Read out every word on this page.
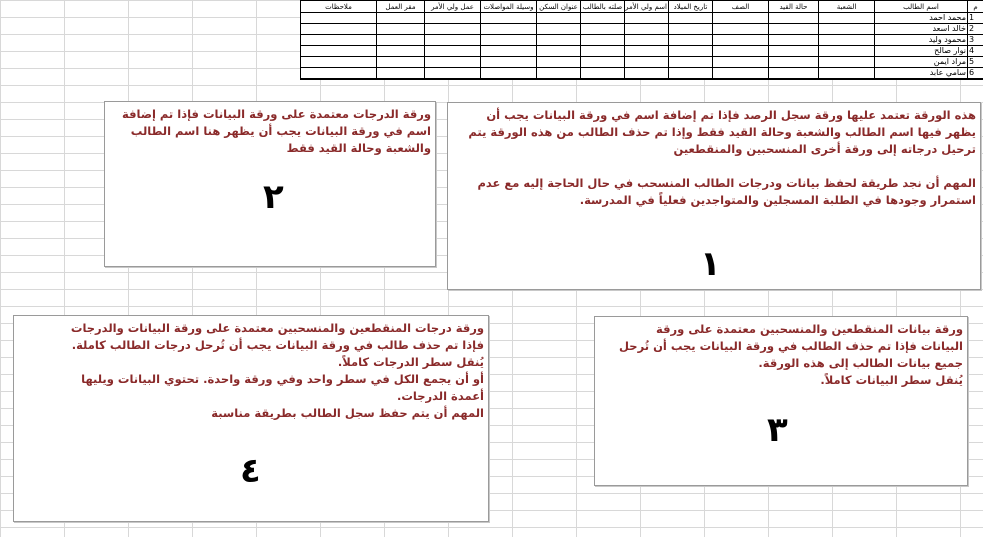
م	اسم الطالب	الشعبة	حالة القيد	الصف	تاريخ الميلاد	اسم ولي الأمر	صلته بالطالب	عنوان السكن	وسيلة المواصلات	عمل ولي الأمر	مقر العمل	ملاحظات
1	محمد احمد											
2	خالد اسعد											
3	محمود وليد											
4	نوار صالح											
5	مراد ايمن											
6	سامي عابد											

هذه الورقة تعتمد عليها ورقة سجل الرصد فإذا تم إضافة اسم في ورقة البيانات يجب أن
يظهر فيها اسم الطالب والشعبة وحالة القيد فقط وإذا تم حذف الطالب من هذه الورقة يتم
ترحيل درجاته إلى ورقة أخرى المنسحبين والمنقطعين

المهم أن نجد طريقة لحفظ بيانات ودرجات الطالب المنسحب في حال الحاجة إليه مع عدم
استمرار وجودها في الطلبة المسجلين والمتواجدين فعلياً في المدرسة.

١

ورقة الدرجات معتمدة على ورقة البيانات فإذا تم إضافة
اسم في ورقة البيانات يجب أن يظهر هنا اسم الطالب
والشعبة وحالة القيد فقط

٢

ورقة بيانات المنقطعين والمنسحبين معتمدة على ورقة
البيانات فإذا تم حذف الطالب في ورقة البيانات يجب أن تُرحل
جميع بيانات الطالب إلى هذه الورقة.
يُنقل سطر البيانات كاملاً.

٣

ورقة درجات المنقطعين والمنسحبين معتمدة على ورقة البيانات والدرجات
فإذا تم حذف طالب في ورقة البيانات يجب أن تُرحل درجات الطالب كاملة.
يُنقل سطر الدرجات كاملاً.
أو أن يجمع الكل في سطر واحد وفي ورقة واحدة. تحتوي البيانات ويليها
أعمدة الدرجات.
المهم أن يتم حفظ سجل الطالب بطريقة مناسبة

٤
